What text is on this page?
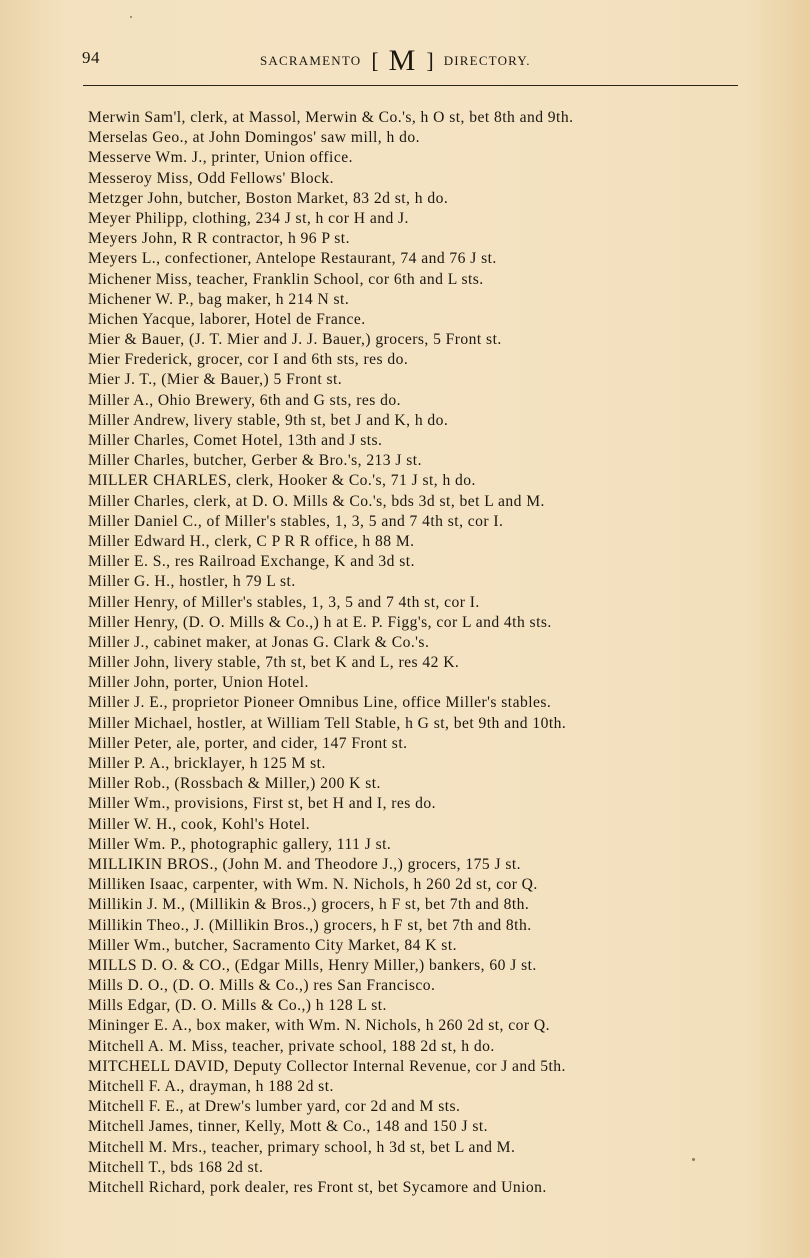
94	SACRAMENTO [ M ] DIRECTORY.
Merwin Sam'l, clerk, at Massol, Merwin & Co.'s, h O st, bet 8th and 9th.
Merselas Geo., at John Domingos' saw mill, h do.
Messerve Wm. J., printer, Union office.
Messeroy Miss, Odd Fellows' Block.
Metzger John, butcher, Boston Market, 83 2d st, h do.
Meyer Philipp, clothing, 234 J st, h cor H and J.
Meyers John, R R contractor, h 96 P st.
Meyers L., confectioner, Antelope Restaurant, 74 and 76 J st.
Michener Miss, teacher, Franklin School, cor 6th and L sts.
Michener W. P., bag maker, h 214 N st.
Michen Yacque, laborer, Hotel de France.
Mier & Bauer, (J. T. Mier and J. J. Bauer,) grocers, 5 Front st.
Mier Frederick, grocer, cor I and 6th sts, res do.
Mier J. T., (Mier & Bauer,) 5 Front st.
Miller A., Ohio Brewery, 6th and G sts, res do.
Miller Andrew, livery stable, 9th st, bet J and K, h do.
Miller Charles, Comet Hotel, 13th and J sts.
Miller Charles, butcher, Gerber & Bro.'s, 213 J st.
MILLER CHARLES, clerk, Hooker & Co.'s, 71 J st, h do.
Miller Charles, clerk, at D. O. Mills & Co.'s, bds 3d st, bet L and M.
Miller Daniel C., of Miller's stables, 1, 3, 5 and 7 4th st, cor I.
Miller Edward H., clerk, C P R R office, h 88 M.
Miller E. S., res Railroad Exchange, K and 3d st.
Miller G. H., hostler, h 79 L st.
Miller Henry, of Miller's stables, 1, 3, 5 and 7 4th st, cor I.
Miller Henry, (D. O. Mills & Co.,) h at E. P. Figg's, cor L and 4th sts.
Miller J., cabinet maker, at Jonas G. Clark & Co.'s.
Miller John, livery stable, 7th st, bet K and L, res 42 K.
Miller John, porter, Union Hotel.
Miller J. E., proprietor Pioneer Omnibus Line, office Miller's stables.
Miller Michael, hostler, at William Tell Stable, h G st, bet 9th and 10th.
Miller Peter, ale, porter, and cider, 147 Front st.
Miller P. A., bricklayer, h 125 M st.
Miller Rob., (Rossbach & Miller,) 200 K st.
Miller Wm., provisions, First st, bet H and I, res do.
Miller W. H., cook, Kohl's Hotel.
Miller Wm. P., photographic gallery, 111 J st.
MILLIKIN BROS., (John M. and Theodore J.,) grocers, 175 J st.
Milliken Isaac, carpenter, with Wm. N. Nichols, h 260 2d st, cor Q.
Millikin J. M., (Millikin & Bros.,) grocers, h F st, bet 7th and 8th.
Millikin Theo., J. (Millikin Bros.,) grocers, h F st, bet 7th and 8th.
Miller Wm., butcher, Sacramento City Market, 84 K st.
MILLS D. O. & CO., (Edgar Mills, Henry Miller,) bankers, 60 J st.
Mills D. O., (D. O. Mills & Co.,) res San Francisco.
Mills Edgar, (D. O. Mills & Co.,) h 128 L st.
Mininger E. A., box maker, with Wm. N. Nichols, h 260 2d st, cor Q.
Mitchell A. M. Miss, teacher, private school, 188 2d st, h do.
MITCHELL DAVID, Deputy Collector Internal Revenue, cor J and 5th.
Mitchell F. A., drayman, h 188 2d st.
Mitchell F. E., at Drew's lumber yard, cor 2d and M sts.
Mitchell James, tinner, Kelly, Mott & Co., 148 and 150 J st.
Mitchell M. Mrs., teacher, primary school, h 3d st, bet L and M.
Mitchell T., bds 168 2d st.
Mitchell Richard, pork dealer, res Front st, bet Sycamore and Union.
